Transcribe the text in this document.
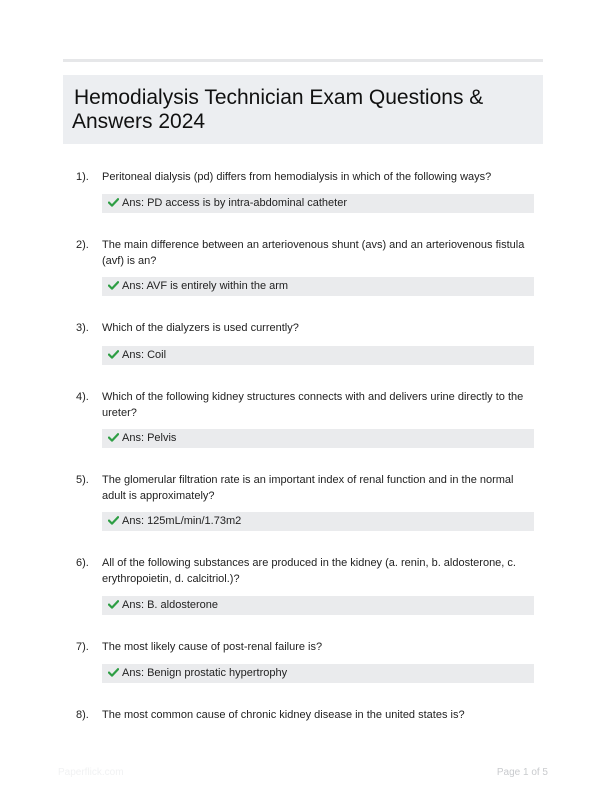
Hemodialysis Technician Exam Questions & Answers 2024
1). Peritoneal dialysis (pd) differs from hemodialysis in which of the following ways?
Ans: PD access is by intra-abdominal catheter
2). The main difference between an arteriovenous shunt (avs) and an arteriovenous fistula (avf) is an?
Ans: AVF is entirely within the arm
3). Which of the dialyzers is used currently?
Ans: Coil
4). Which of the following kidney structures connects with and delivers urine directly to the ureter?
Ans: Pelvis
5). The glomerular filtration rate is an important index of renal function and in the normal adult is approximately?
Ans: 125mL/min/1.73m2
6). All of the following substances are produced in the kidney (a. renin, b. aldosterone, c. erythropoietin, d. calcitriol.)?
Ans: B. aldosterone
7). The most likely cause of post-renal failure is?
Ans: Benign prostatic hypertrophy
8). The most common cause of chronic kidney disease in the united states is?
Paperflick.com	Page 1 of 5
